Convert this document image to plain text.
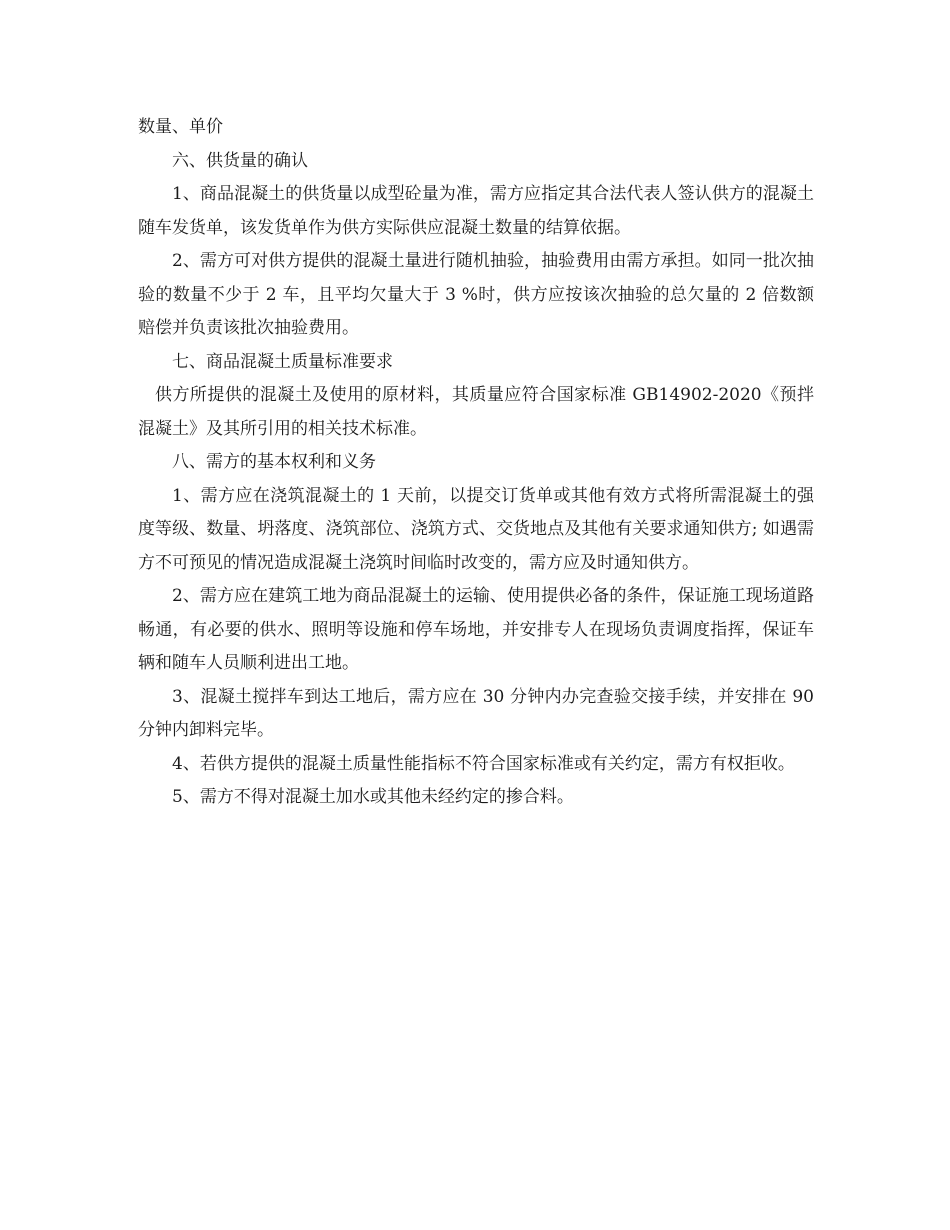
数量、单价

六、供货量的确认

1、商品混凝土的供货量以成型砼量为准，需方应指定其合法代表人签认供方的混凝土随车发货单，该发货单作为供方实际供应混凝土数量的结算依据。

2、需方可对供方提供的混凝土量进行随机抽验，抽验费用由需方承担。如同一批次抽验的数量不少于 2 车，且平均欠量大于 3 %时，供方应按该次抽验的总欠量的 2 倍数额赔偿并负责该批次抽验费用。

七、商品混凝土质量标准要求

供方所提供的混凝土及使用的原材料，其质量应符合国家标准 GB14902-2020《预拌混凝土》及其所引用的相关技术标准。

八、需方的基本权利和义务

1、需方应在浇筑混凝土的 1 天前，以提交订货单或其他有效方式将所需混凝土的强度等级、数量、坍落度、浇筑部位、浇筑方式、交货地点及其他有关要求通知供方; 如遇需方不可预见的情况造成混凝土浇筑时间临时改变的，需方应及时通知供方。

2、需方应在建筑工地为商品混凝土的运输、使用提供必备的条件，保证施工现场道路畅通，有必要的供水、照明等设施和停车场地，并安排专人在现场负责调度指挥，保证车辆和随车人员顺利进出工地。

3、混凝土搅拌车到达工地后，需方应在 30 分钟内办完查验交接手续，并安排在 90 分钟内卸料完毕。

4、若供方提供的混凝土质量性能指标不符合国家标准或有关约定，需方有权拒收。

5、需方不得对混凝土加水或其他未经约定的掺合料。
